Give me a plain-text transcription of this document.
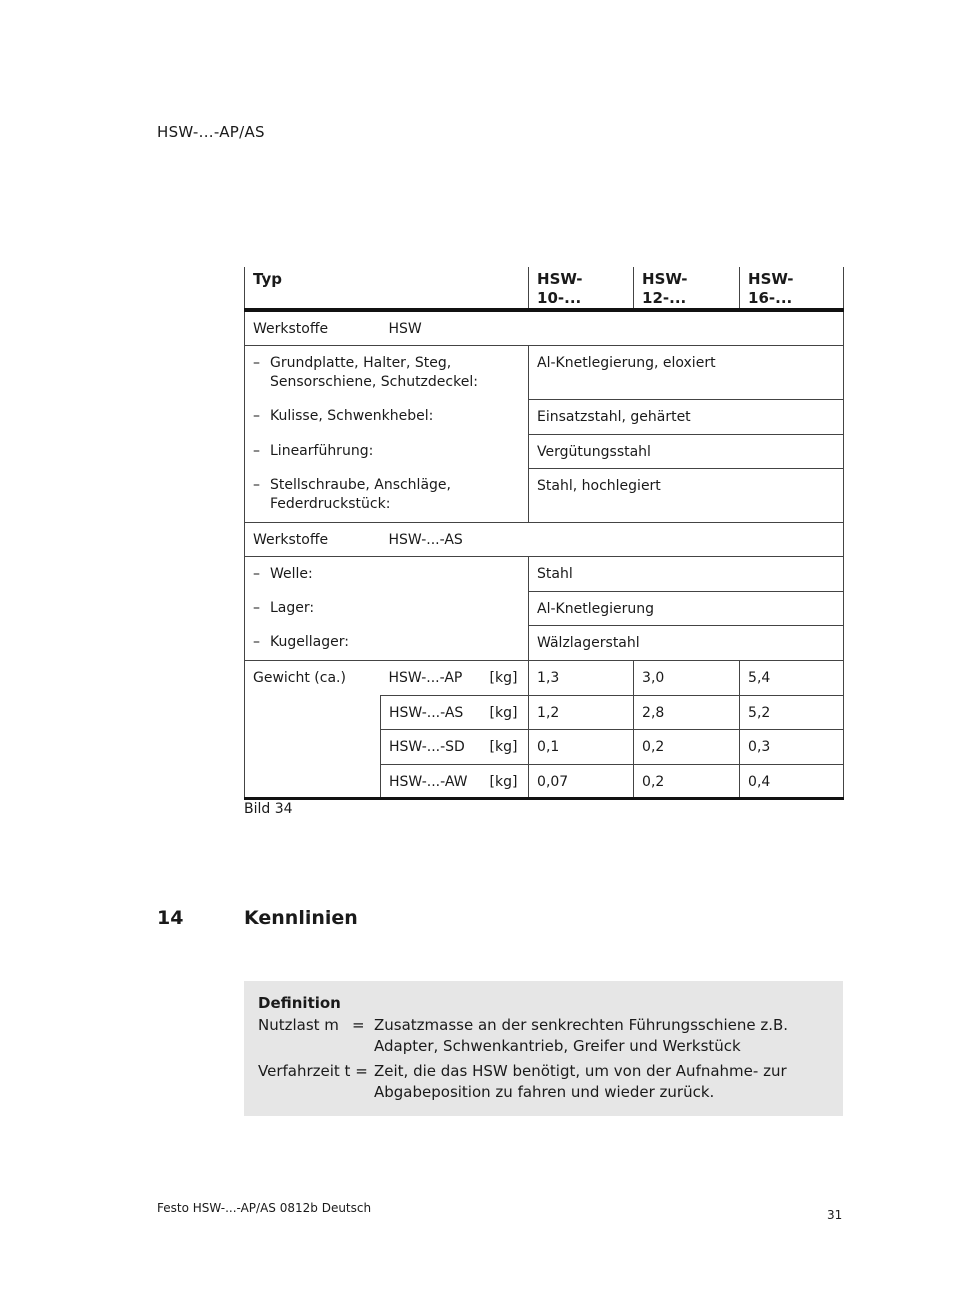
HSW-...-AP/AS
Typ			HSW-10-...	HSW-12-...	HSW-16-...
Werkstoffe	HSW				

– Grundplatte, Halter, Steg, Sensorschiene, Schutzdeckel:			Al-Knetlegierung, eloxiert		

– Kulisse, Schwenkhebel:			Einsatzstahl, gehärtet		

– Linearführung:			Vergütungsstahl		

– Stellschraube, Anschläge, Federdruckstück:			Stahl, hochlegiert		
Werkstoffe	HSW-...-AS				

– Welle:			Stahl		

– Lager:			Al-Knetlegierung		

– Kugellager:			Wälzlagerstahl		
Gewicht (ca.)	HSW-...-AP	[kg]	1,3	3,0	5,4
	HSW-...-AS	[kg]	1,2	2,8	5,2
	HSW-...-SD	[kg]	0,1	0,2	0,3
	HSW-...-AW	[kg]	0,07	0,2	0,4
Bild 34
14	Kennlinien
Definition
Nutzlast m = Zusatzmasse an der senkrechten Führungsschiene z.B. Adapter, Schwenkantrieb, Greifer und Werkstück
Verfahrzeit t = Zeit, die das HSW benötigt, um von der Aufnahme- zur Abgabeposition zu fahren und wieder zurück.
Festo HSW-...-AP/AS 0812b Deutsch	31
